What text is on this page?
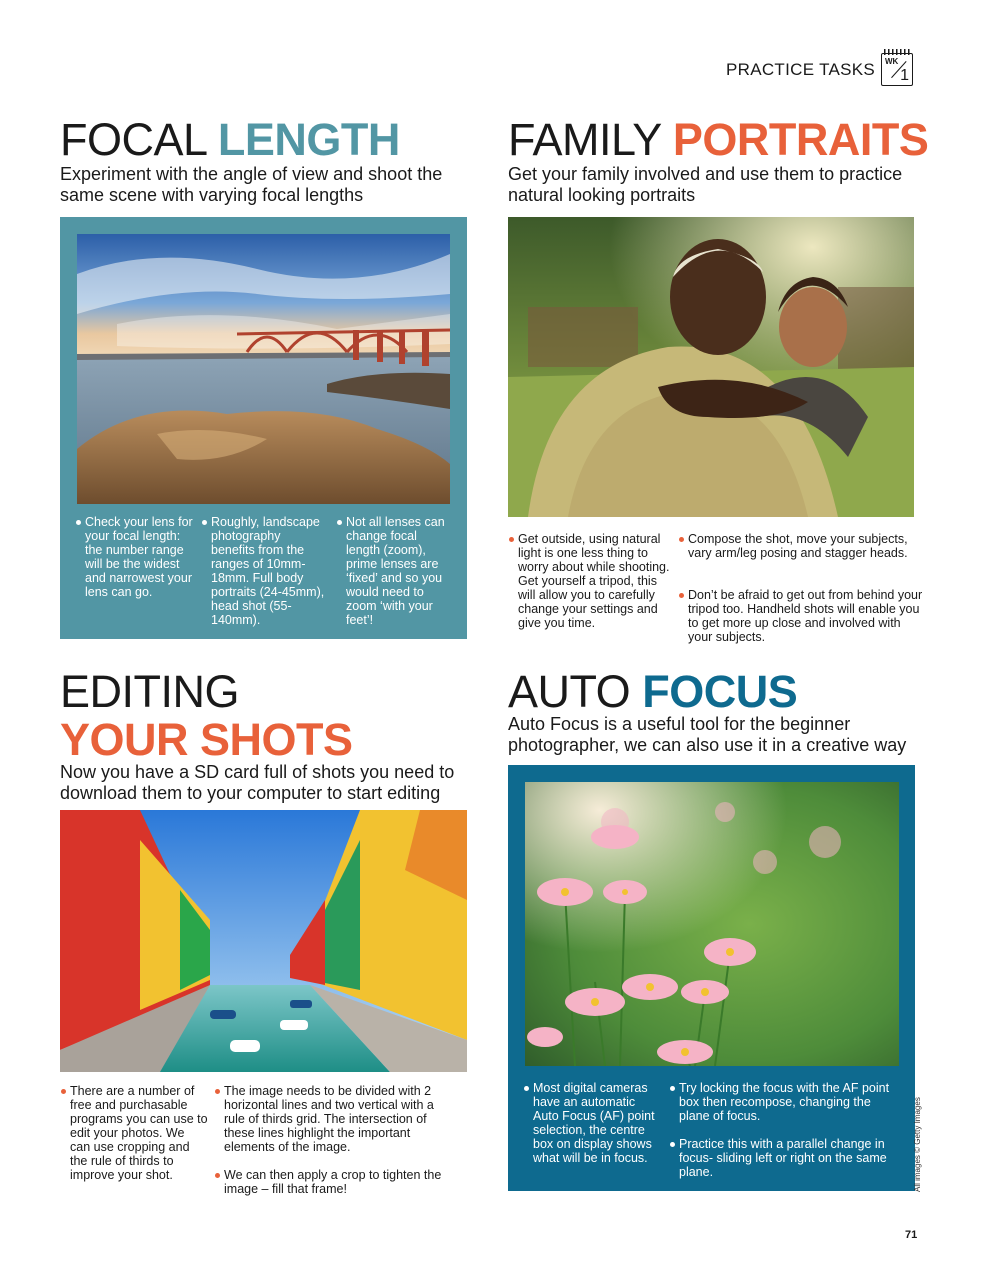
PRACTICE TASKS WK
1
FOCAL LENGTH

Experiment with the angle of view and shoot the same scene with varying focal lengths

Check your lens for your focal length: the number range will be the widest and narrowest your lens can go.
Roughly, landscape photography benefits from the ranges of 10mm-18mm. Full body portraits (24-45mm), head shot (55-140mm).
Not all lenses can change focal length (zoom), prime lenses are ‘fixed’ and so you would need to zoom ‘with your feet’!
FAMILY PORTRAITS

Get your family involved and use them to practice natural looking portraits

Get outside, using natural light is one less thing to worry about while shooting. Get yourself a tripod, this will allow you to carefully change your settings and give you time.
Compose the shot, move your subjects, vary arm/leg posing and stagger heads.
Don’t be afraid to get out from behind your tripod too. Handheld shots will enable you to get more up close and involved with your subjects.
EDITING
YOUR SHOTS

Now you have a SD card full of shots you need to download them to your computer to start editing

There are a number of free and purchasable programs you can use to edit your photos. We can use cropping and the rule of thirds to improve your shot.
The image needs to be divided with 2 horizontal lines and two vertical with a rule of thirds grid. The intersection of these lines highlight the important elements of the image.
We can then apply a crop to tighten the image – fill that frame!
AUTO FOCUS

Auto Focus is a useful tool for the beginner photographer, we can also use it in a creative way

Most digital cameras have an automatic Auto Focus (AF) point selection, the centre box on display shows what will be in focus.
Try locking the focus with the AF point box then recompose, changing the plane of focus.
Practice this with a parallel change in focus- sliding left or right on the same plane.	All images © Getty Images
71
